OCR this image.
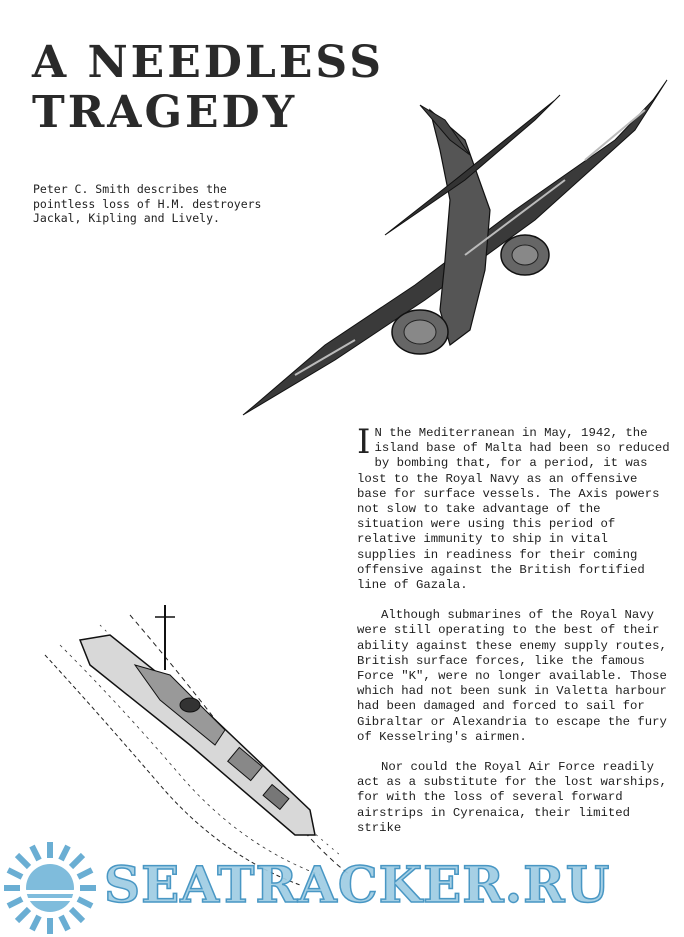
A NEEDLESS
TRAGEDY

Peter C. Smith describes the pointless loss of H.M. destroyers Jackal, Kipling and Lively.

I N the Mediterranean in May, 1942, the island base of Malta had been so reduced by bombing that, for a period, it was lost to the Royal Navy as an offensive base for surface vessels. The Axis powers not slow to take advantage of the situation were using this period of relative immunity to ship in vital supplies in readiness for their coming offensive against the British fortified line of Gazala.

Although submarines of the Royal Navy were still operating to the best of their ability against these enemy supply routes, British surface forces, like the famous Force "K", were no longer available. Those which had not been sunk in Valetta harbour had been damaged and forced to sail for Gibraltar or Alexandria to escape the fury of Kesselring's airmen.

Nor could the Royal Air Force readily act as a substitute for the lost warships, for with the loss of several forward airstrips in Cyrenaica, their limited strike

SEATRACKER.RU
